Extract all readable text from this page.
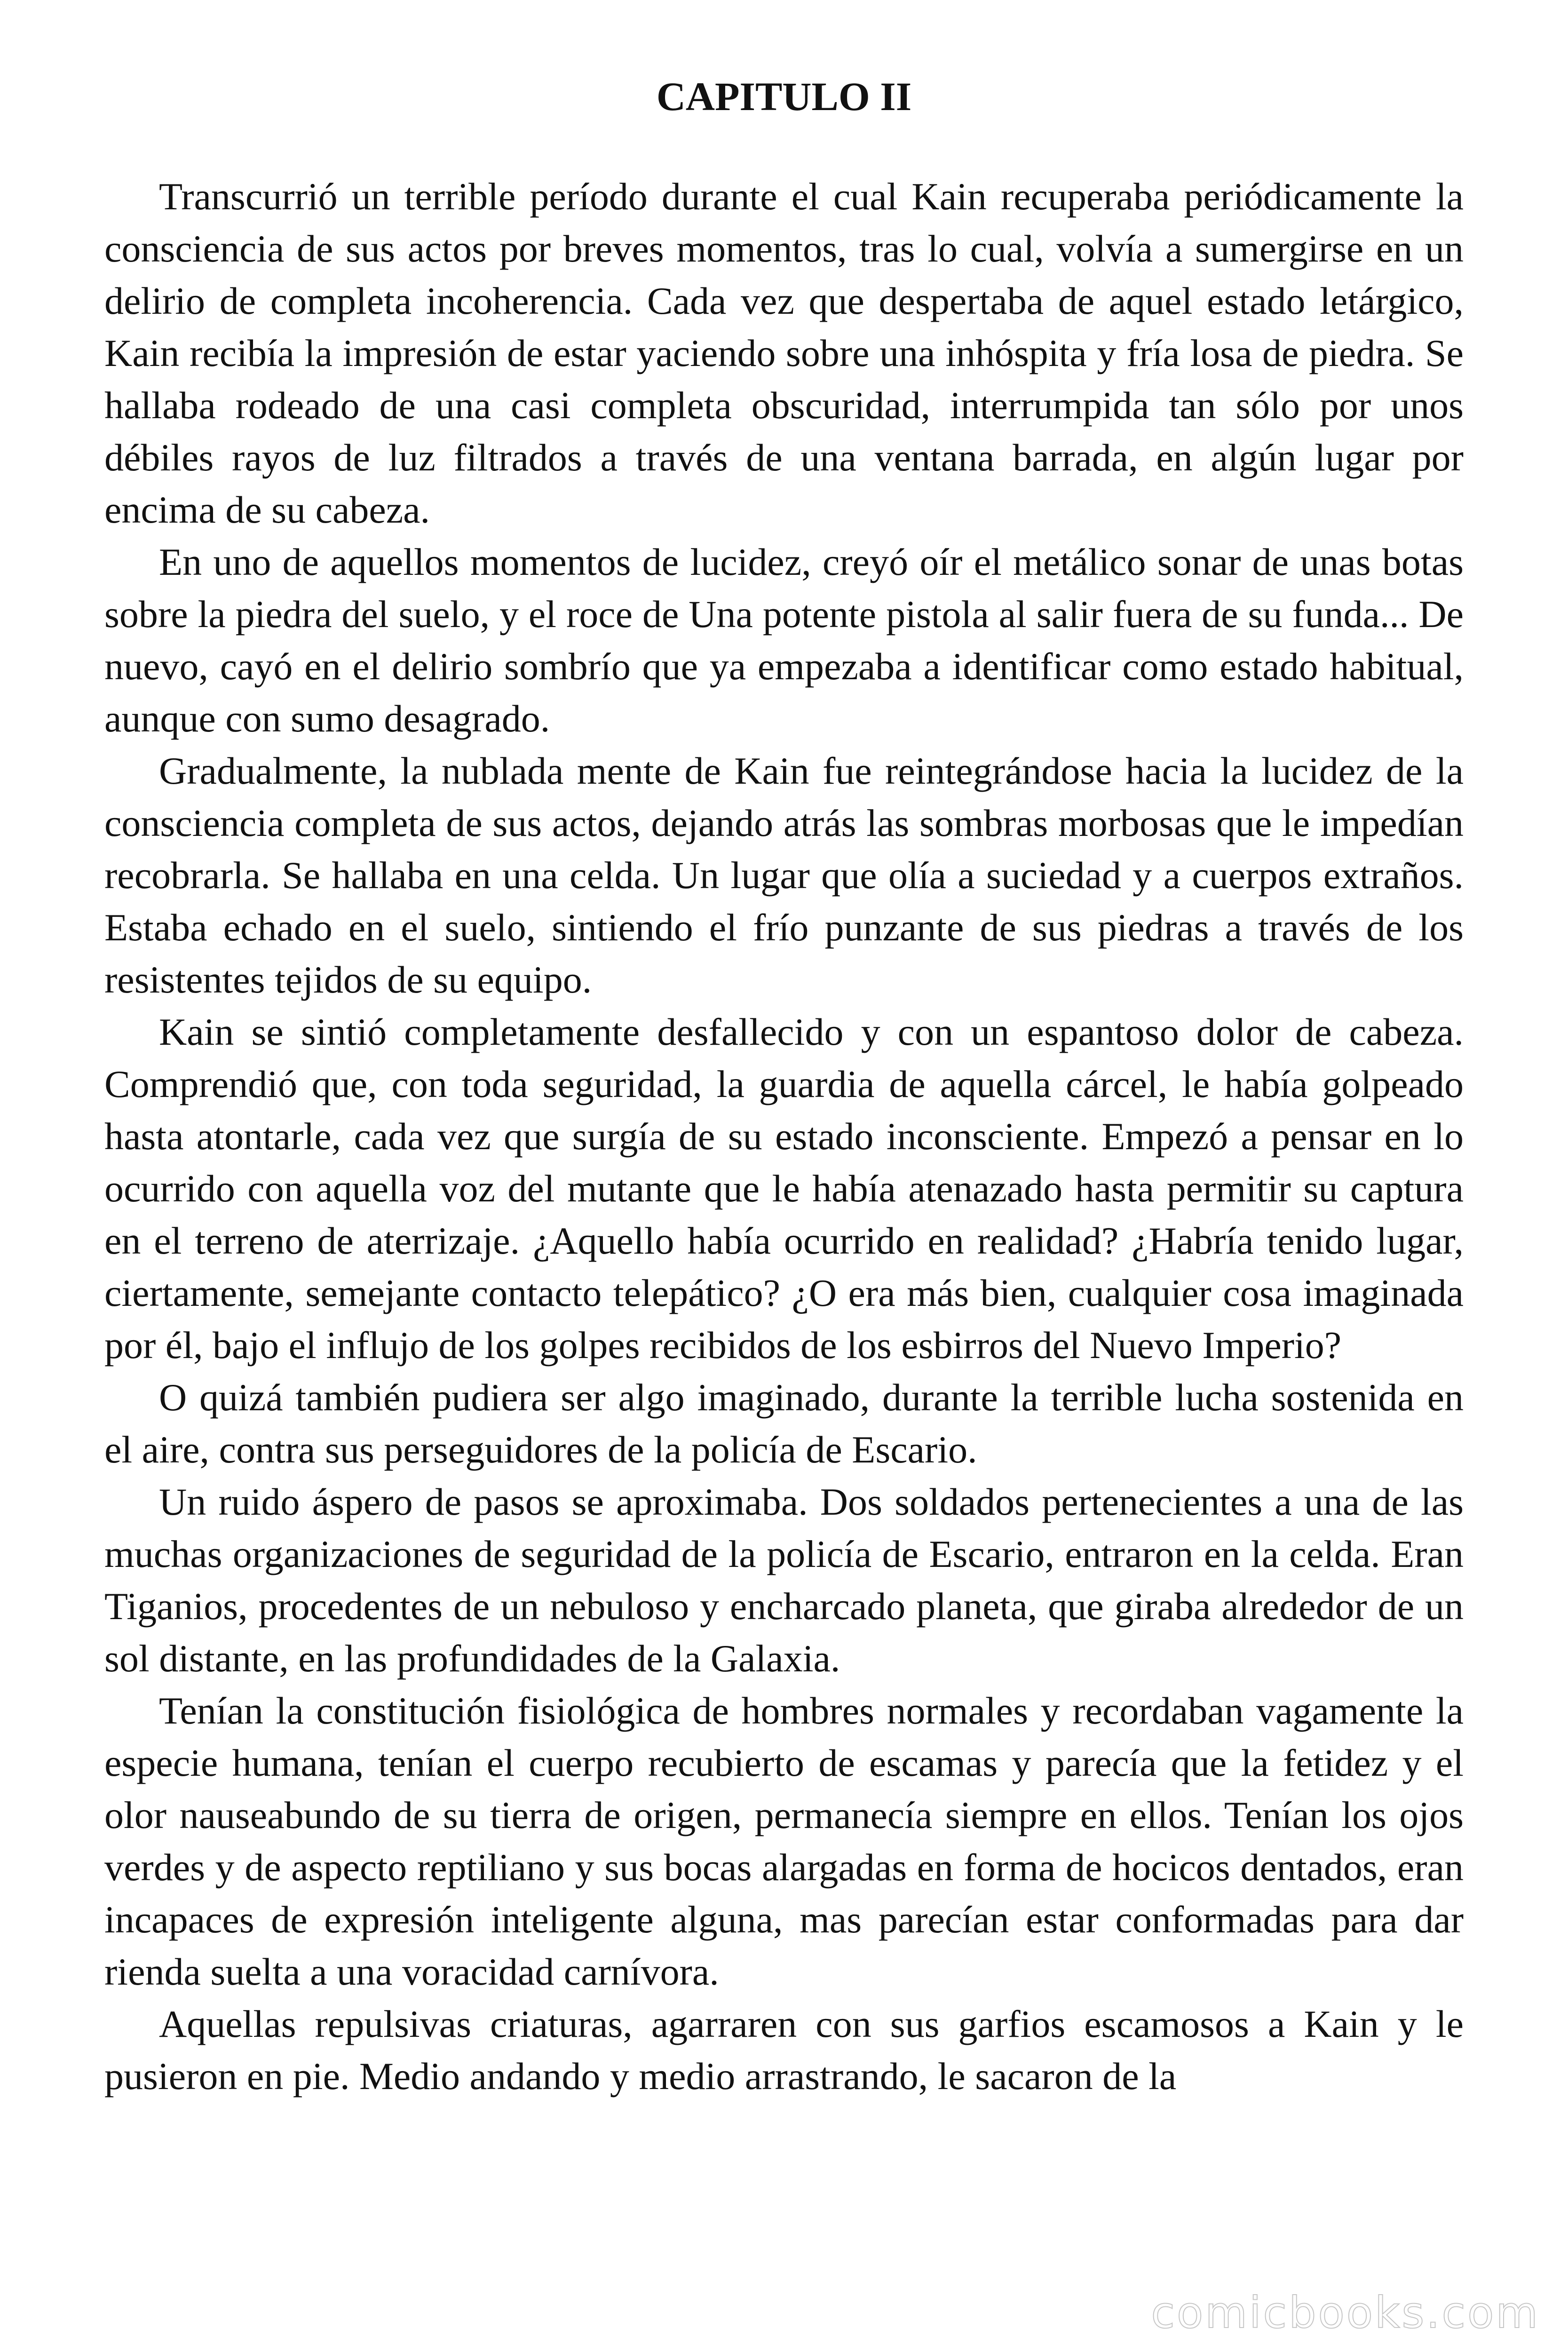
CAPITULO II

Transcurrió un terrible período durante el cual Kain recuperaba periódicamente la consciencia de sus actos por breves momentos, tras lo cual, volvía a sumergirse en un delirio de completa incoherencia. Cada vez que despertaba de aquel estado letárgico, Kain recibía la impresión de estar yaciendo sobre una inhóspita y fría losa de piedra. Se hallaba rodeado de una casi completa obscuridad, interrumpida tan sólo por unos débiles rayos de luz filtrados a través de una ventana barrada, en algún lugar por encima de su cabeza.

En uno de aquellos momentos de lucidez, creyó oír el metálico sonar de unas botas sobre la piedra del suelo, y el roce de Una potente pistola al salir fuera de su funda... De nuevo, cayó en el delirio sombrío que ya empezaba a identificar como estado habitual, aunque con sumo desagrado.

Gradualmente, la nublada mente de Kain fue reintegrándose hacia la lucidez de la consciencia completa de sus actos, dejando atrás las sombras morbosas que le impedían recobrarla. Se hallaba en una celda. Un lugar que olía a suciedad y a cuerpos extraños. Estaba echado en el suelo, sintiendo el frío punzante de sus piedras a través de los resistentes tejidos de su equipo.

Kain se sintió completamente desfallecido y con un espantoso dolor de cabeza. Comprendió que, con toda seguridad, la guardia de aquella cárcel, le había golpeado hasta atontarle, cada vez que surgía de su estado inconsciente. Empezó a pensar en lo ocurrido con aquella voz del mutante que le había atenazado hasta permitir su captura en el terreno de aterrizaje. ¿Aquello había ocurrido en realidad? ¿Habría tenido lugar, ciertamente, semejante contacto telepático? ¿O era más bien, cualquier cosa imaginada por él, bajo el influjo de los golpes recibidos de los esbirros del Nuevo Imperio?

O quizá también pudiera ser algo imaginado, durante la terrible lucha sostenida en el aire, contra sus perseguidores de la policía de Escario.

Un ruido áspero de pasos se aproximaba. Dos soldados pertenecientes a una de las muchas organizaciones de seguridad de la policía de Escario, entraron en la celda. Eran Tiganios, procedentes de un nebuloso y encharcado planeta, que giraba alrededor de un sol distante, en las profundidades de la Galaxia.

Tenían la constitución fisiológica de hombres normales y recordaban vagamente la especie humana, tenían el cuerpo recubierto de escamas y parecía que la fetidez y el olor nauseabundo de su tierra de origen, permanecía siempre en ellos. Tenían los ojos verdes y de aspecto reptiliano y sus bocas alargadas en forma de hocicos dentados, eran incapaces de expresión inteligente alguna, mas parecían estar conformadas para dar rienda suelta a una voracidad carnívora.

Aquellas repulsivas criaturas, agarraren con sus garfios escamosos a Kain y le pusieron en pie. Medio andando y medio arrastrando, le sacaron de la

comicbooks.com
